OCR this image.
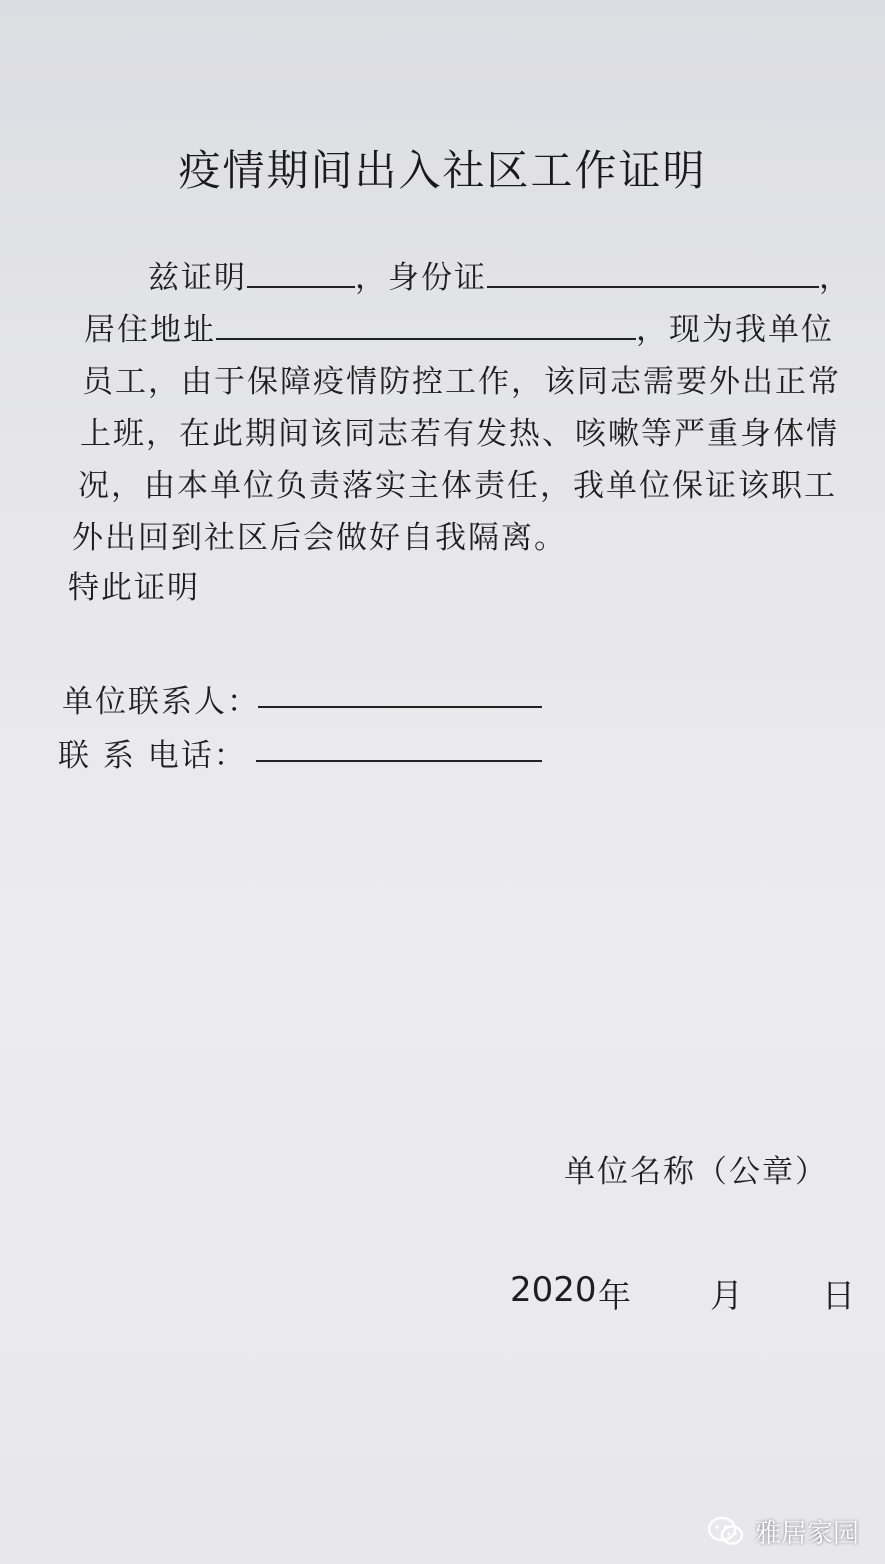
疫情期间出入社区工作证明
兹证明	，身份证	，
居住地址	，现为我单位
员工，由于保障疫情防控工作，该同志需要外出正常
上班，在此期间该同志若有发热、咳嗽等严重身体情
况，由本单位负责落实主体责任，我单位保证该职工
外出回到社区后会做好自我隔离。
特此证明
单位联系人：
联 系 电话：
单位名称（公章）
2020 年 月 日
雅居家园
